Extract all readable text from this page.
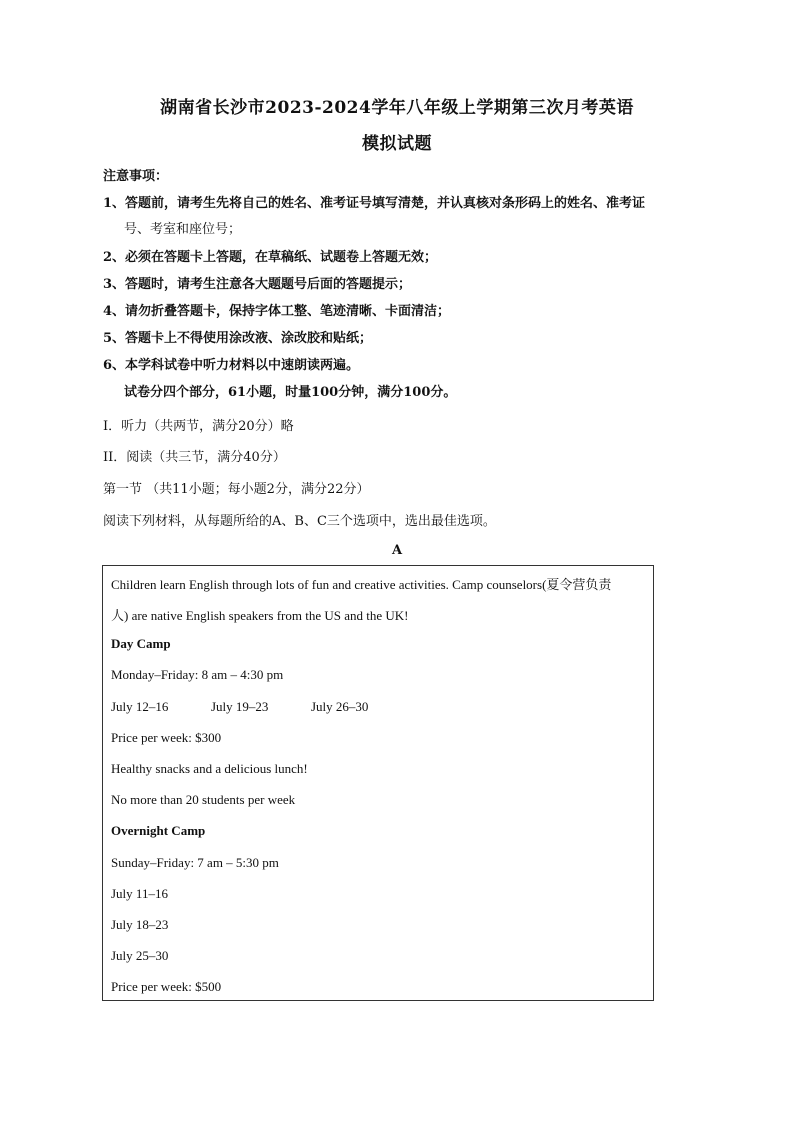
湖南省长沙市2023-2024学年八年级上学期第三次月考英语
模拟试题
注意事项：
1、答题前，请考生先将自己的姓名、准考证号填写清楚，并认真核对条形码上的姓名、准考证
号、考室和座位号；
2、必须在答题卡上答题，在草稿纸、试题卷上答题无效；
3、答题时，请考生注意各大题题号后面的答题提示；
4、请勿折叠答题卡，保持字体工整、笔迹清晰、卡面清洁；
5、答题卡上不得使用涂改液、涂改胶和贴纸；
6、本学科试卷中听力材料以中速朗读两遍。
试卷分四个部分，61小题，时量100分钟，满分100分。
I．听力（共两节，满分20分）略
II．阅读（共三节，满分40分）
第一节 （共11小题；每小题2分，满分22分）
阅读下列材料，从每题所给的A、B、C三个选项中，选出最佳选项。
A
Children learn English through lots of fun and creative activities. Camp counselors(夏令营负责
人) are native English speakers from the US and the UK!
Day Camp
Monday–Friday: 8 am – 4:30 pm
July 12–16	July 19–23	July 26–30
Price per week: $300
Healthy snacks and a delicious lunch!
No more than 20 students per week
Overnight Camp
Sunday–Friday: 7 am – 5:30 pm
July 11–16
July 18–23
July 25–30
Price per week: $500
